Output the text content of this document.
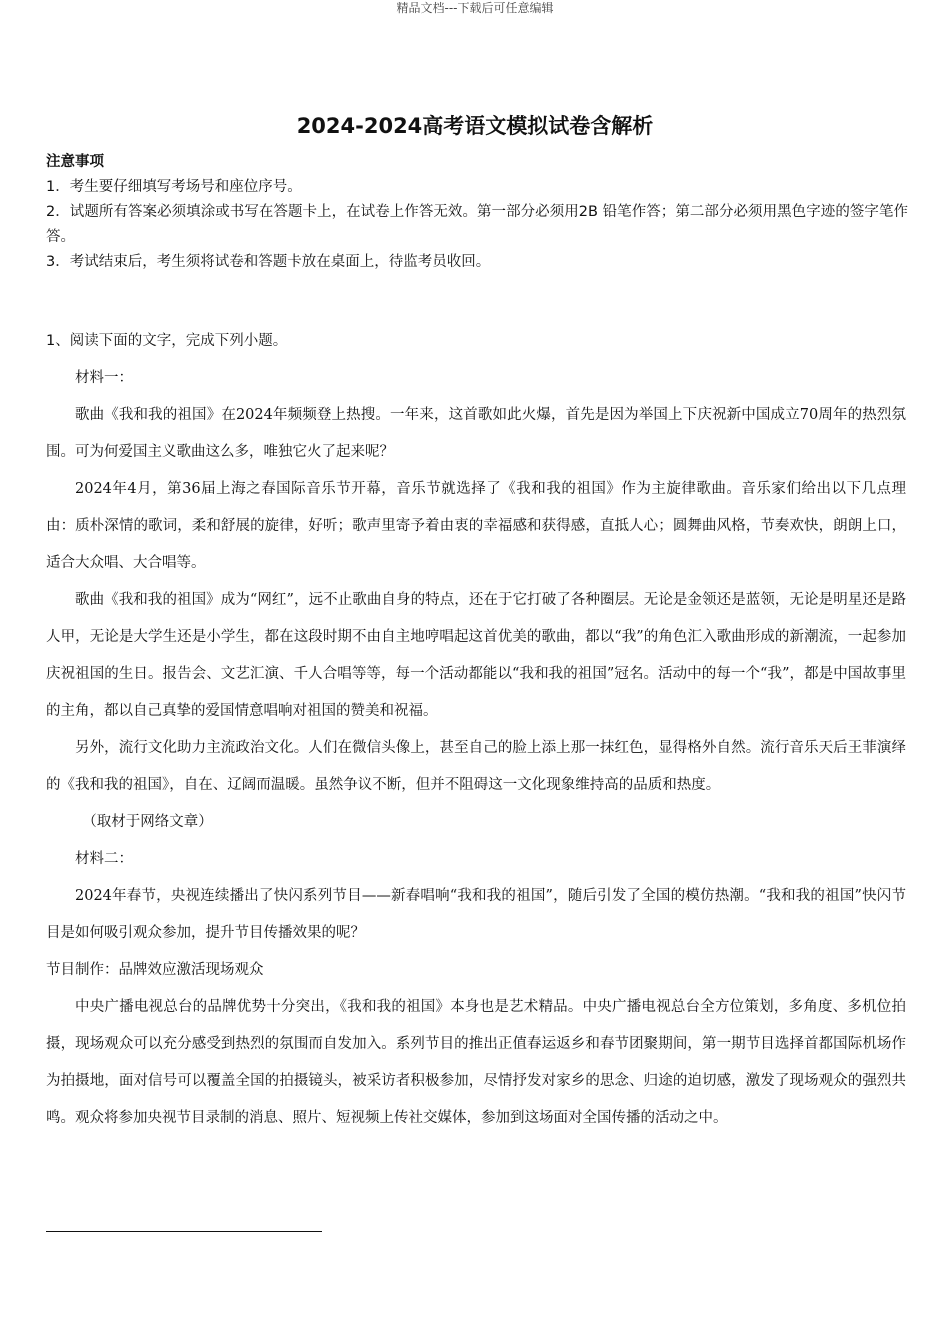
精品文档---下载后可任意编辑
2024-2024高考语文模拟试卷含解析

注意事项

1．考生要仔细填写考场号和座位序号。

2．试题所有答案必须填涂或书写在答题卡上，在试卷上作答无效。第一部分必须用2B 铅笔作答；第二部分必须用黑色字迹的签字笔作答。

3．考试结束后，考生须将试卷和答题卡放在桌面上，待监考员收回。

1、阅读下面的文字，完成下列小题。

材料一：

歌曲《我和我的祖国》在2024年频频登上热搜。一年来，这首歌如此火爆，首先是因为举国上下庆祝新中国成立70周年的热烈氛围。可为何爱国主义歌曲这么多，唯独它火了起来呢？

2024年4月，第36届上海之春国际音乐节开幕，音乐节就选择了《我和我的祖国》作为主旋律歌曲。音乐家们给出以下几点理由：质朴深情的歌词，柔和舒展的旋律，好听；歌声里寄予着由衷的幸福感和获得感，直抵人心；圆舞曲风格，节奏欢快，朗朗上口，适合大众唱、大合唱等。

歌曲《我和我的祖国》成为“网红”，远不止歌曲自身的特点，还在于它打破了各种圈层。无论是金领还是蓝领，无论是明星还是路人甲，无论是大学生还是小学生，都在这段时期不由自主地哼唱起这首优美的歌曲，都以“我”的角色汇入歌曲形成的新潮流，一起参加庆祝祖国的生日。报告会、文艺汇演、千人合唱等等，每一个活动都能以“我和我的祖国”冠名。活动中的每一个“我”，都是中国故事里的主角，都以自己真挚的爱国情意唱响对祖国的赞美和祝福。

另外，流行文化助力主流政治文化。人们在微信头像上，甚至自己的脸上添上那一抹红色，显得格外自然。流行音乐天后王菲演绎的《我和我的祖国》，自在、辽阔而温暖。虽然争议不断，但并不阻碍这一文化现象维持高的品质和热度。

（取材于网络文章）

材料二：

2024年春节，央视连续播出了快闪系列节目——新春唱响“我和我的祖国”，随后引发了全国的模仿热潮。“我和我的祖国”快闪节目是如何吸引观众参加，提升节目传播效果的呢？

节目制作：品牌效应激活现场观众

中央广播电视总台的品牌优势十分突出，《我和我的祖国》本身也是艺术精品。中央广播电视总台全方位策划，多角度、多机位拍摄，现场观众可以充分感受到热烈的氛围而自发加入。系列节目的推出正值春运返乡和春节团聚期间，第一期节目选择首都国际机场作为拍摄地，面对信号可以覆盖全国的拍摄镜头，被采访者积极参加，尽情抒发对家乡的思念、归途的迫切感，激发了现场观众的强烈共鸣。观众将参加央视节目录制的消息、照片、短视频上传社交媒体，参加到这场面对全国传播的活动之中。
